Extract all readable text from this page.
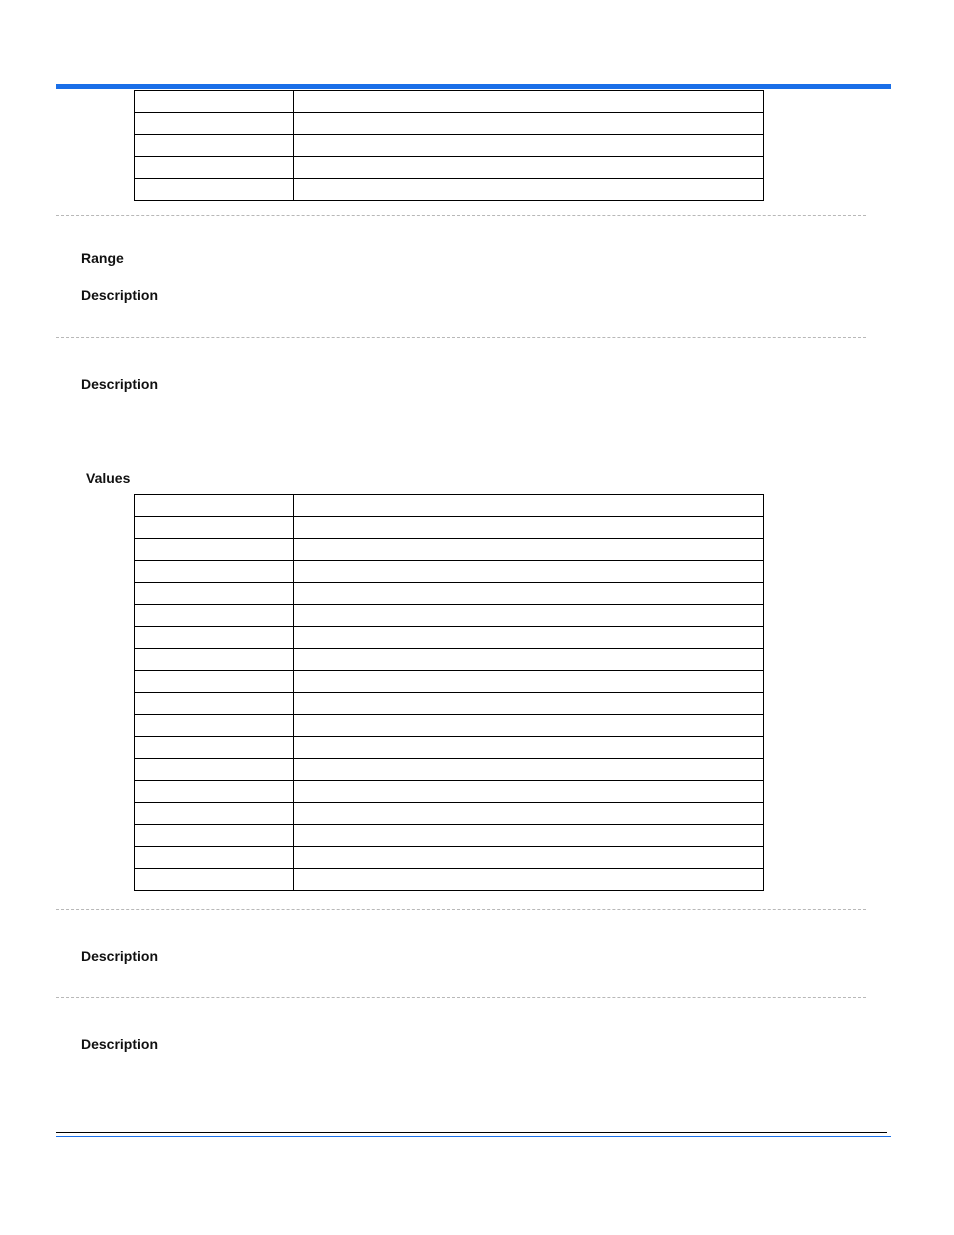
Range
Description
Description
Values

Description
Description
